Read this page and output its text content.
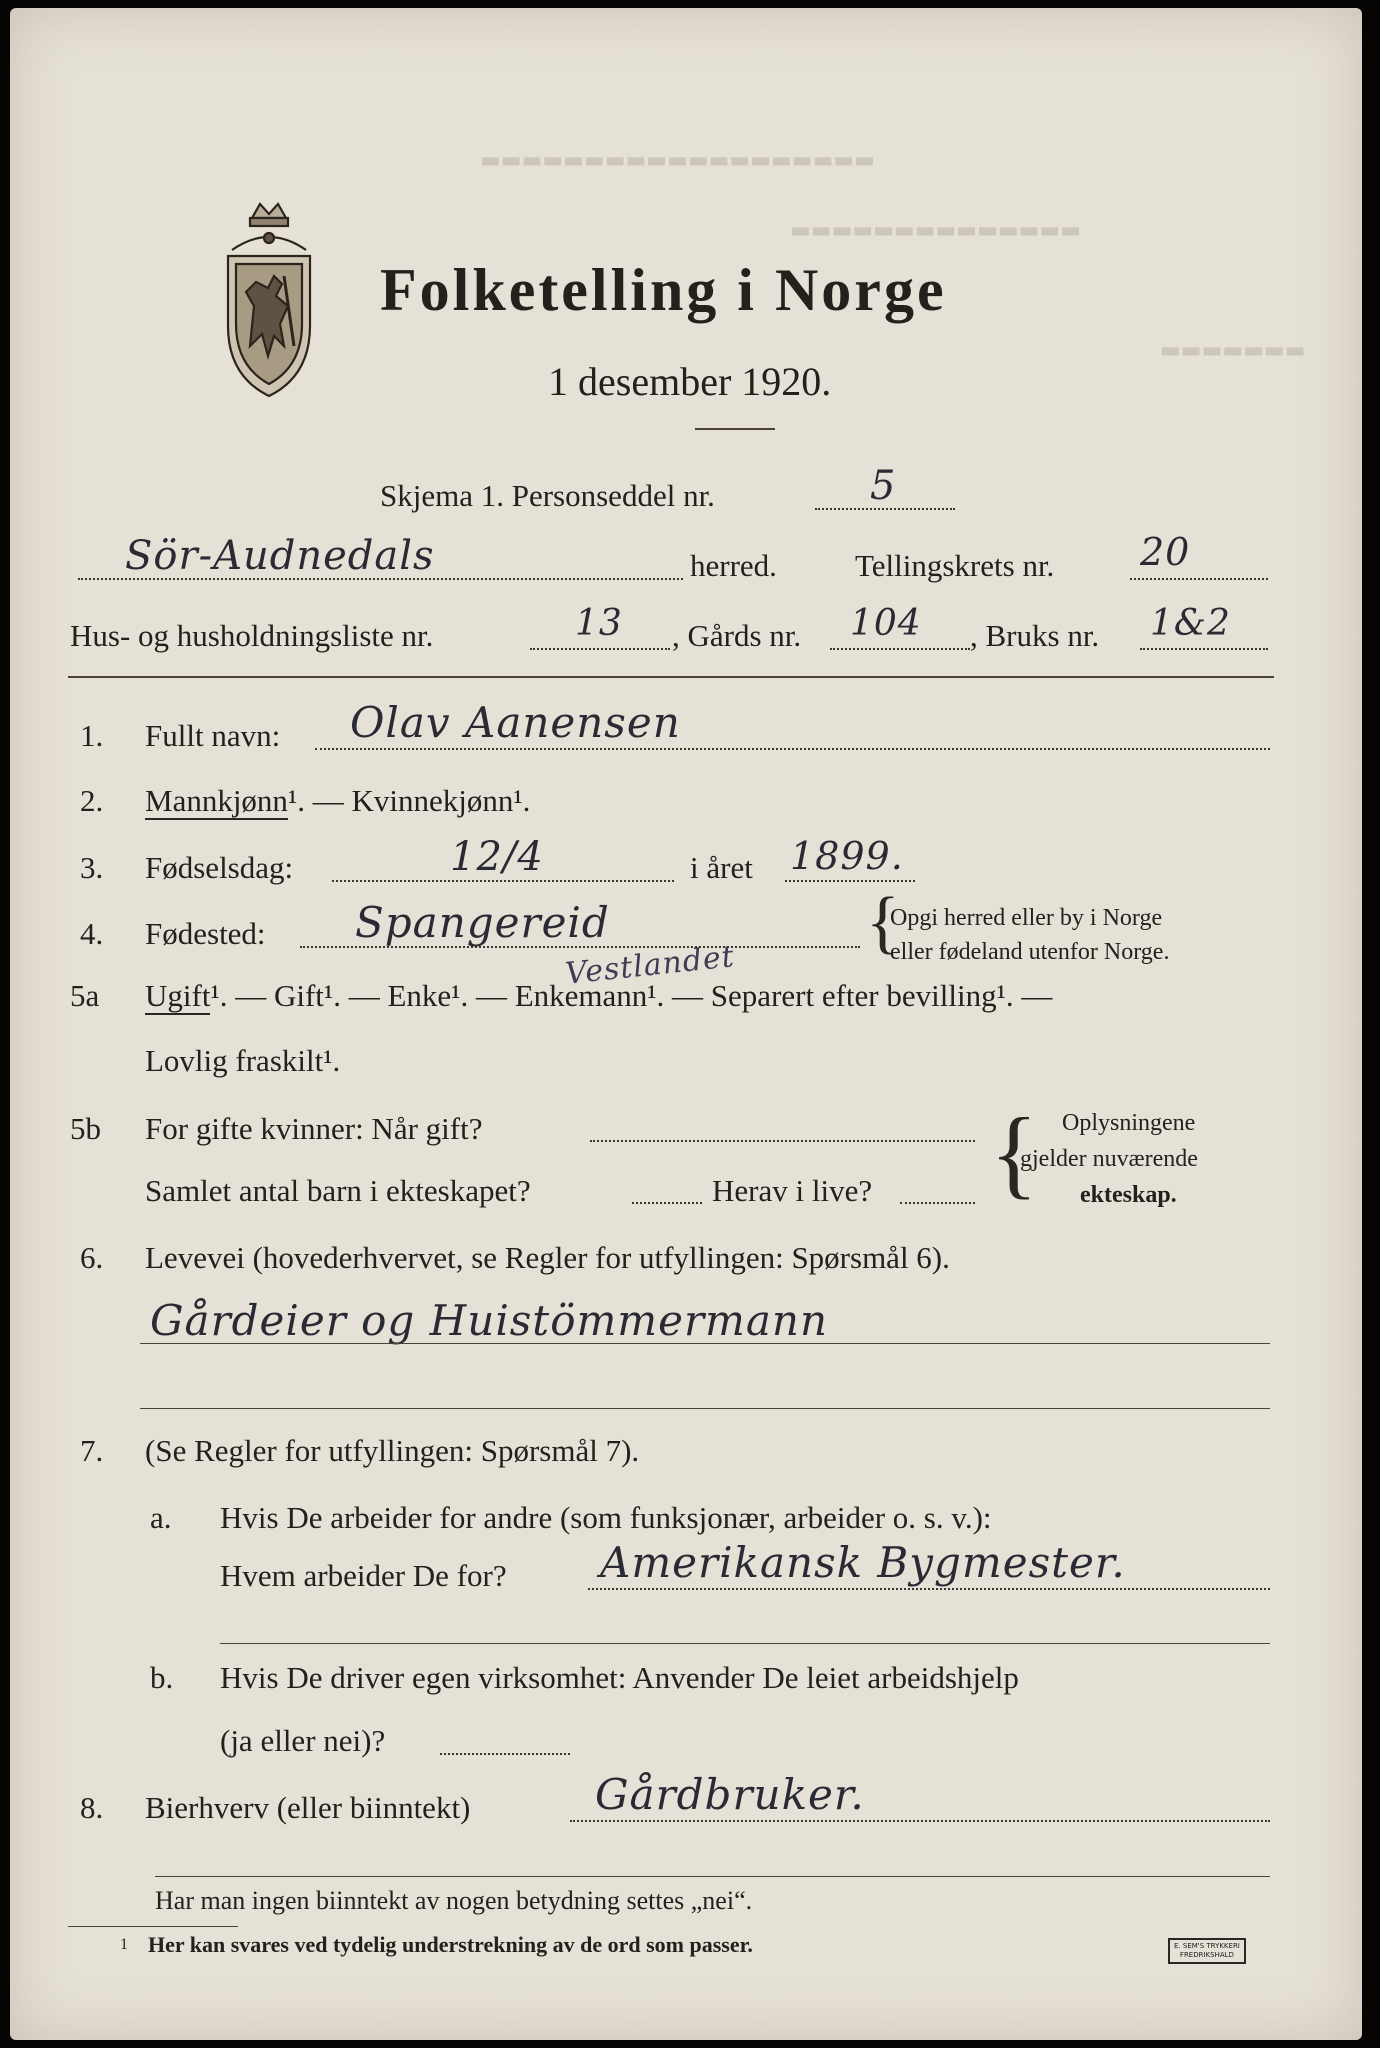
▬▬▬▬▬▬▬▬▬▬▬▬▬▬▬▬▬▬▬
▬▬▬▬▬▬▬▬▬▬▬▬▬▬
▬▬▬▬▬▬▬
Folketelling i Norge
1 desember 1920.
Skjema 1. Personseddel nr.	5
Sör-Audnedals	herred.	Tellingskrets nr. 20
Hus- og husholdningsliste nr.	13 , Gårds nr. 104 , Bruks nr. 1&2
1. Fullt navn: Olav Aanensen
2. Mannkjønn¹. — Kvinnekjønn¹.
3. Fødselsdag:	12/4	i året 1899.
4. Fødested: Spangereid	{
Opgi herred eller by i Norge
eller fødeland utenfor Norge.
Vestlandet
5a Ugift¹. — Gift¹. — Enke¹. — Enkemann¹. — Separert efter bevilling¹. —
Lovlig fraskilt¹.
5b For gifte kvinner: Når gift?
Samlet antal barn i ekteskapet?	Herav i live? { Oplysningene
gjelder nuværende
ekteskap.
6. Levevei (hovederhvervet, se Regler for utfyllingen: Spørsmål 6).
Gårdeier og Huistömmermann
7. (Se Regler for utfyllingen: Spørsmål 7).
a. Hvis De arbeider for andre (som funksjonær, arbeider o. s. v.):
Hvem arbeider De for? Amerikansk Bygmester.
b. Hvis De driver egen virksomhet: Anvender De leiet arbeidshjelp
(ja eller nei)?
8. Bierhverv (eller biinntekt)	Gårdbruker.
Har man ingen biinntekt av nogen betydning settes „nei“.
1 Her kan svares ved tydelig understrekning av de ord som passer.	E. SEM'S TRYKKERI
FREDRIKSHALD
